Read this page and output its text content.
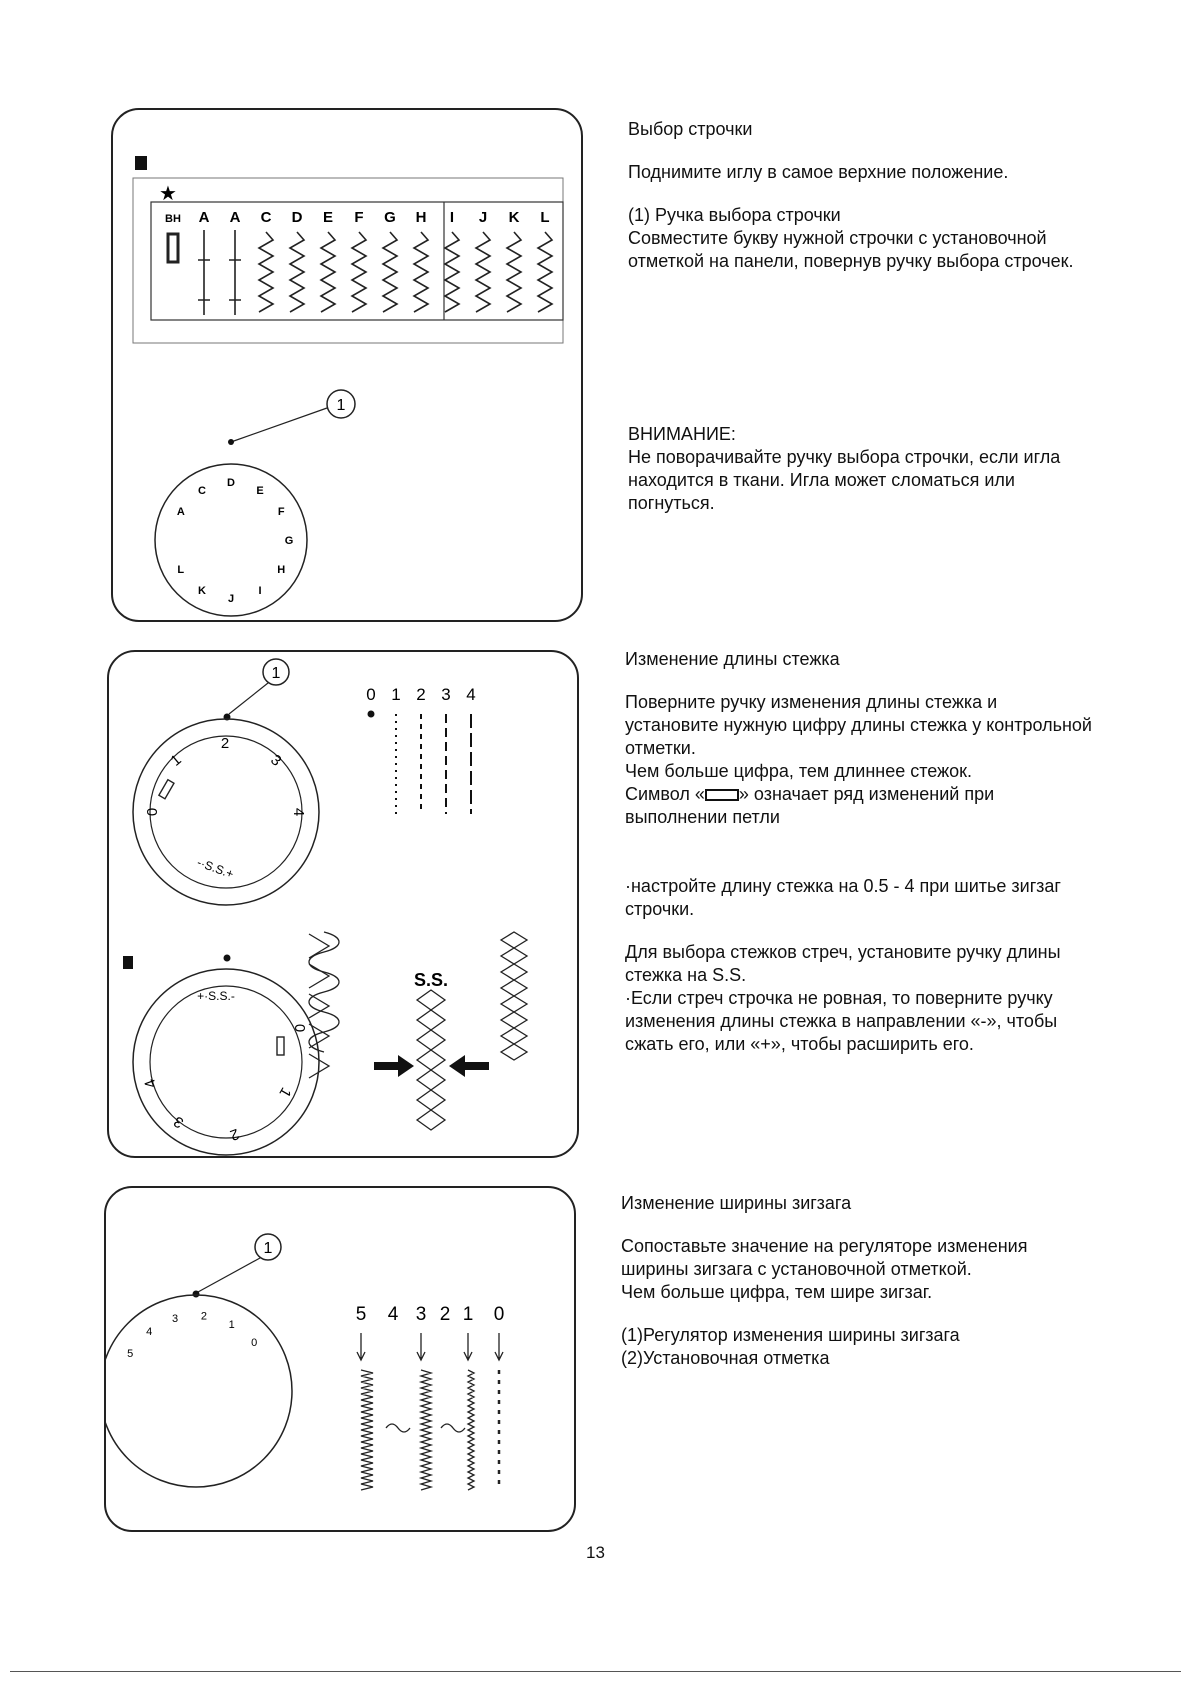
★
BH A A C D E F G H I J K L
1
A
C
D
E
F
G
H
I
J
K
L

Выбор строчки

Поднимите иглу в самое верхние положение.

(1) Ручка выбора строчки

Совместите букву нужной строчки с установочной отметкой на панели, повернув ручку выбора строчек.

ВНИМАНИЕ:

Не поворачивайте ручку выбора строчки, если игла находится в ткани. Игла может сломаться или погнуться.

1
2
1	3
4
0
-·S.S.+
0 1 2 3 4
+·S.S.-
0
1
2
3
4
S.S.

Изменение длины стежка

Поверните ручку изменения длины стежка и установите нужную цифру длины стежка у контрольной отметки.

Чем больше цифра, тем длиннее стежок.

Символ « » означает ряд изменений при выполнении петли

·настройте длину стежка на 0.5 - 4 при шитье зигзаг строчки.

Для выбора стежков стреч, установите ручку длины стежка на S.S.

·Если стреч строчка не ровная, то поверните ручку изменения длины стежка в направлении «-», чтобы сжать его, или «+», чтобы расширить его.

1
5
4
3 2
1
0
5 4 3 2 1 0

Изменение ширины зигзага

Сопоставьте значение на регуляторе изменения ширины зигзага с установочной отметкой.

Чем больше цифра, тем шире зигзаг.

(1)Регулятор изменения ширины зигзага

(2)Установочная отметка

13
